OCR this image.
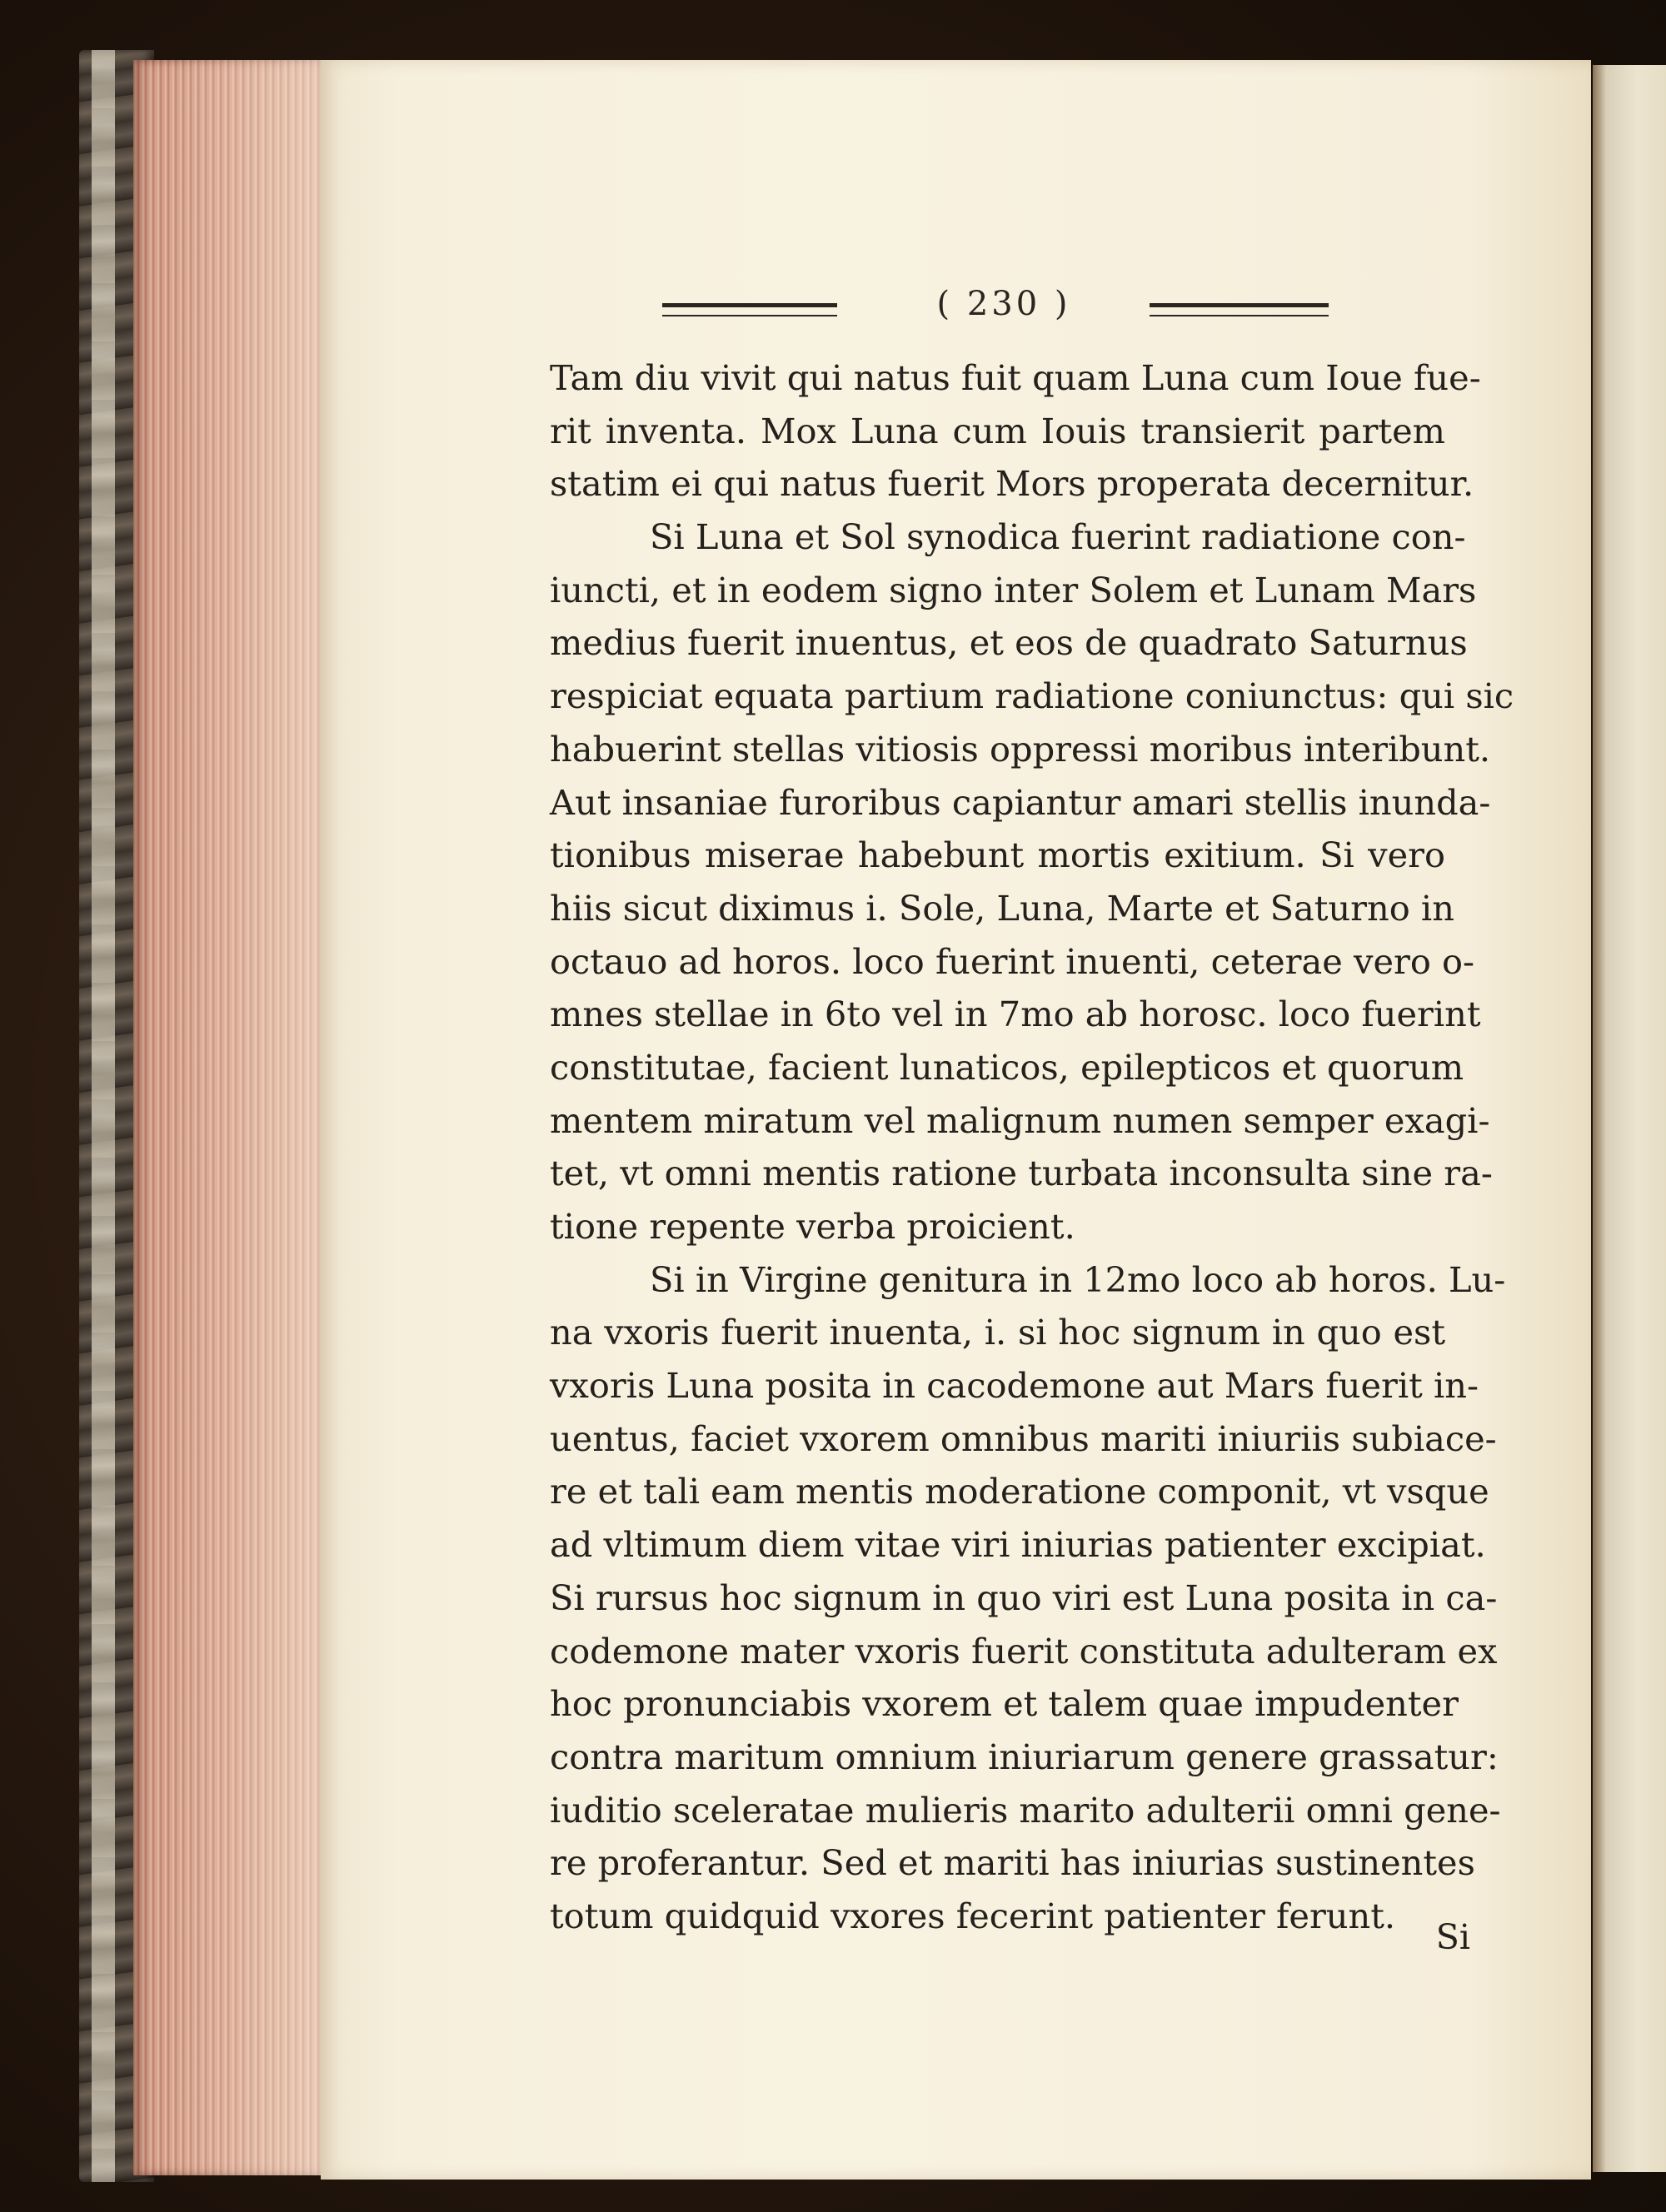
( 230 )
Tam diu vivit qui natus fuit quam Luna cum Ioue fue-
rit inventa. Mox Luna cum Iouis transierit partem
statim ei qui natus fuerit Mors properata decernitur.
Si Luna et Sol synodica fuerint radiatione con-
iuncti, et in eodem signo inter Solem et Lunam Mars
medius fuerit inuentus, et eos de quadrato Saturnus
respiciat equata partium radiatione coniunctus: qui sic
habuerint stellas vitiosis oppressi moribus interibunt.
Aut insaniae furoribus capiantur amari stellis inunda-
tionibus miserae habebunt mortis exitium. Si vero
hiis sicut diximus i. Sole, Luna, Marte et Saturno in
octauo ad horos. loco fuerint inuenti, ceterae vero o-
mnes stellae in 6to vel in 7mo ab horosc. loco fuerint
constitutae, facient lunaticos, epilepticos et quorum
mentem miratum vel malignum numen semper exagi-
tet, vt omni mentis ratione turbata inconsulta sine ra-
tione repente verba proicient.
Si in Virgine genitura in 12mo loco ab horos. Lu-
na vxoris fuerit inuenta, i. si hoc signum in quo est
vxoris Luna posita in cacodemone aut Mars fuerit in-
uentus, faciet vxorem omnibus mariti iniuriis subiace-
re et tali eam mentis moderatione componit, vt vsque
ad vltimum diem vitae viri iniurias patienter excipiat.
Si rursus hoc signum in quo viri est Luna posita in ca-
codemone mater vxoris fuerit constituta adulteram ex
hoc pronunciabis vxorem et talem quae impudenter
contra maritum omnium iniuriarum genere grassatur:
iuditio sceleratae mulieris marito adulterii omni gene-
re proferantur. Sed et mariti has iniurias sustinentes
totum quidquid vxores fecerint patienter ferunt.
Si
